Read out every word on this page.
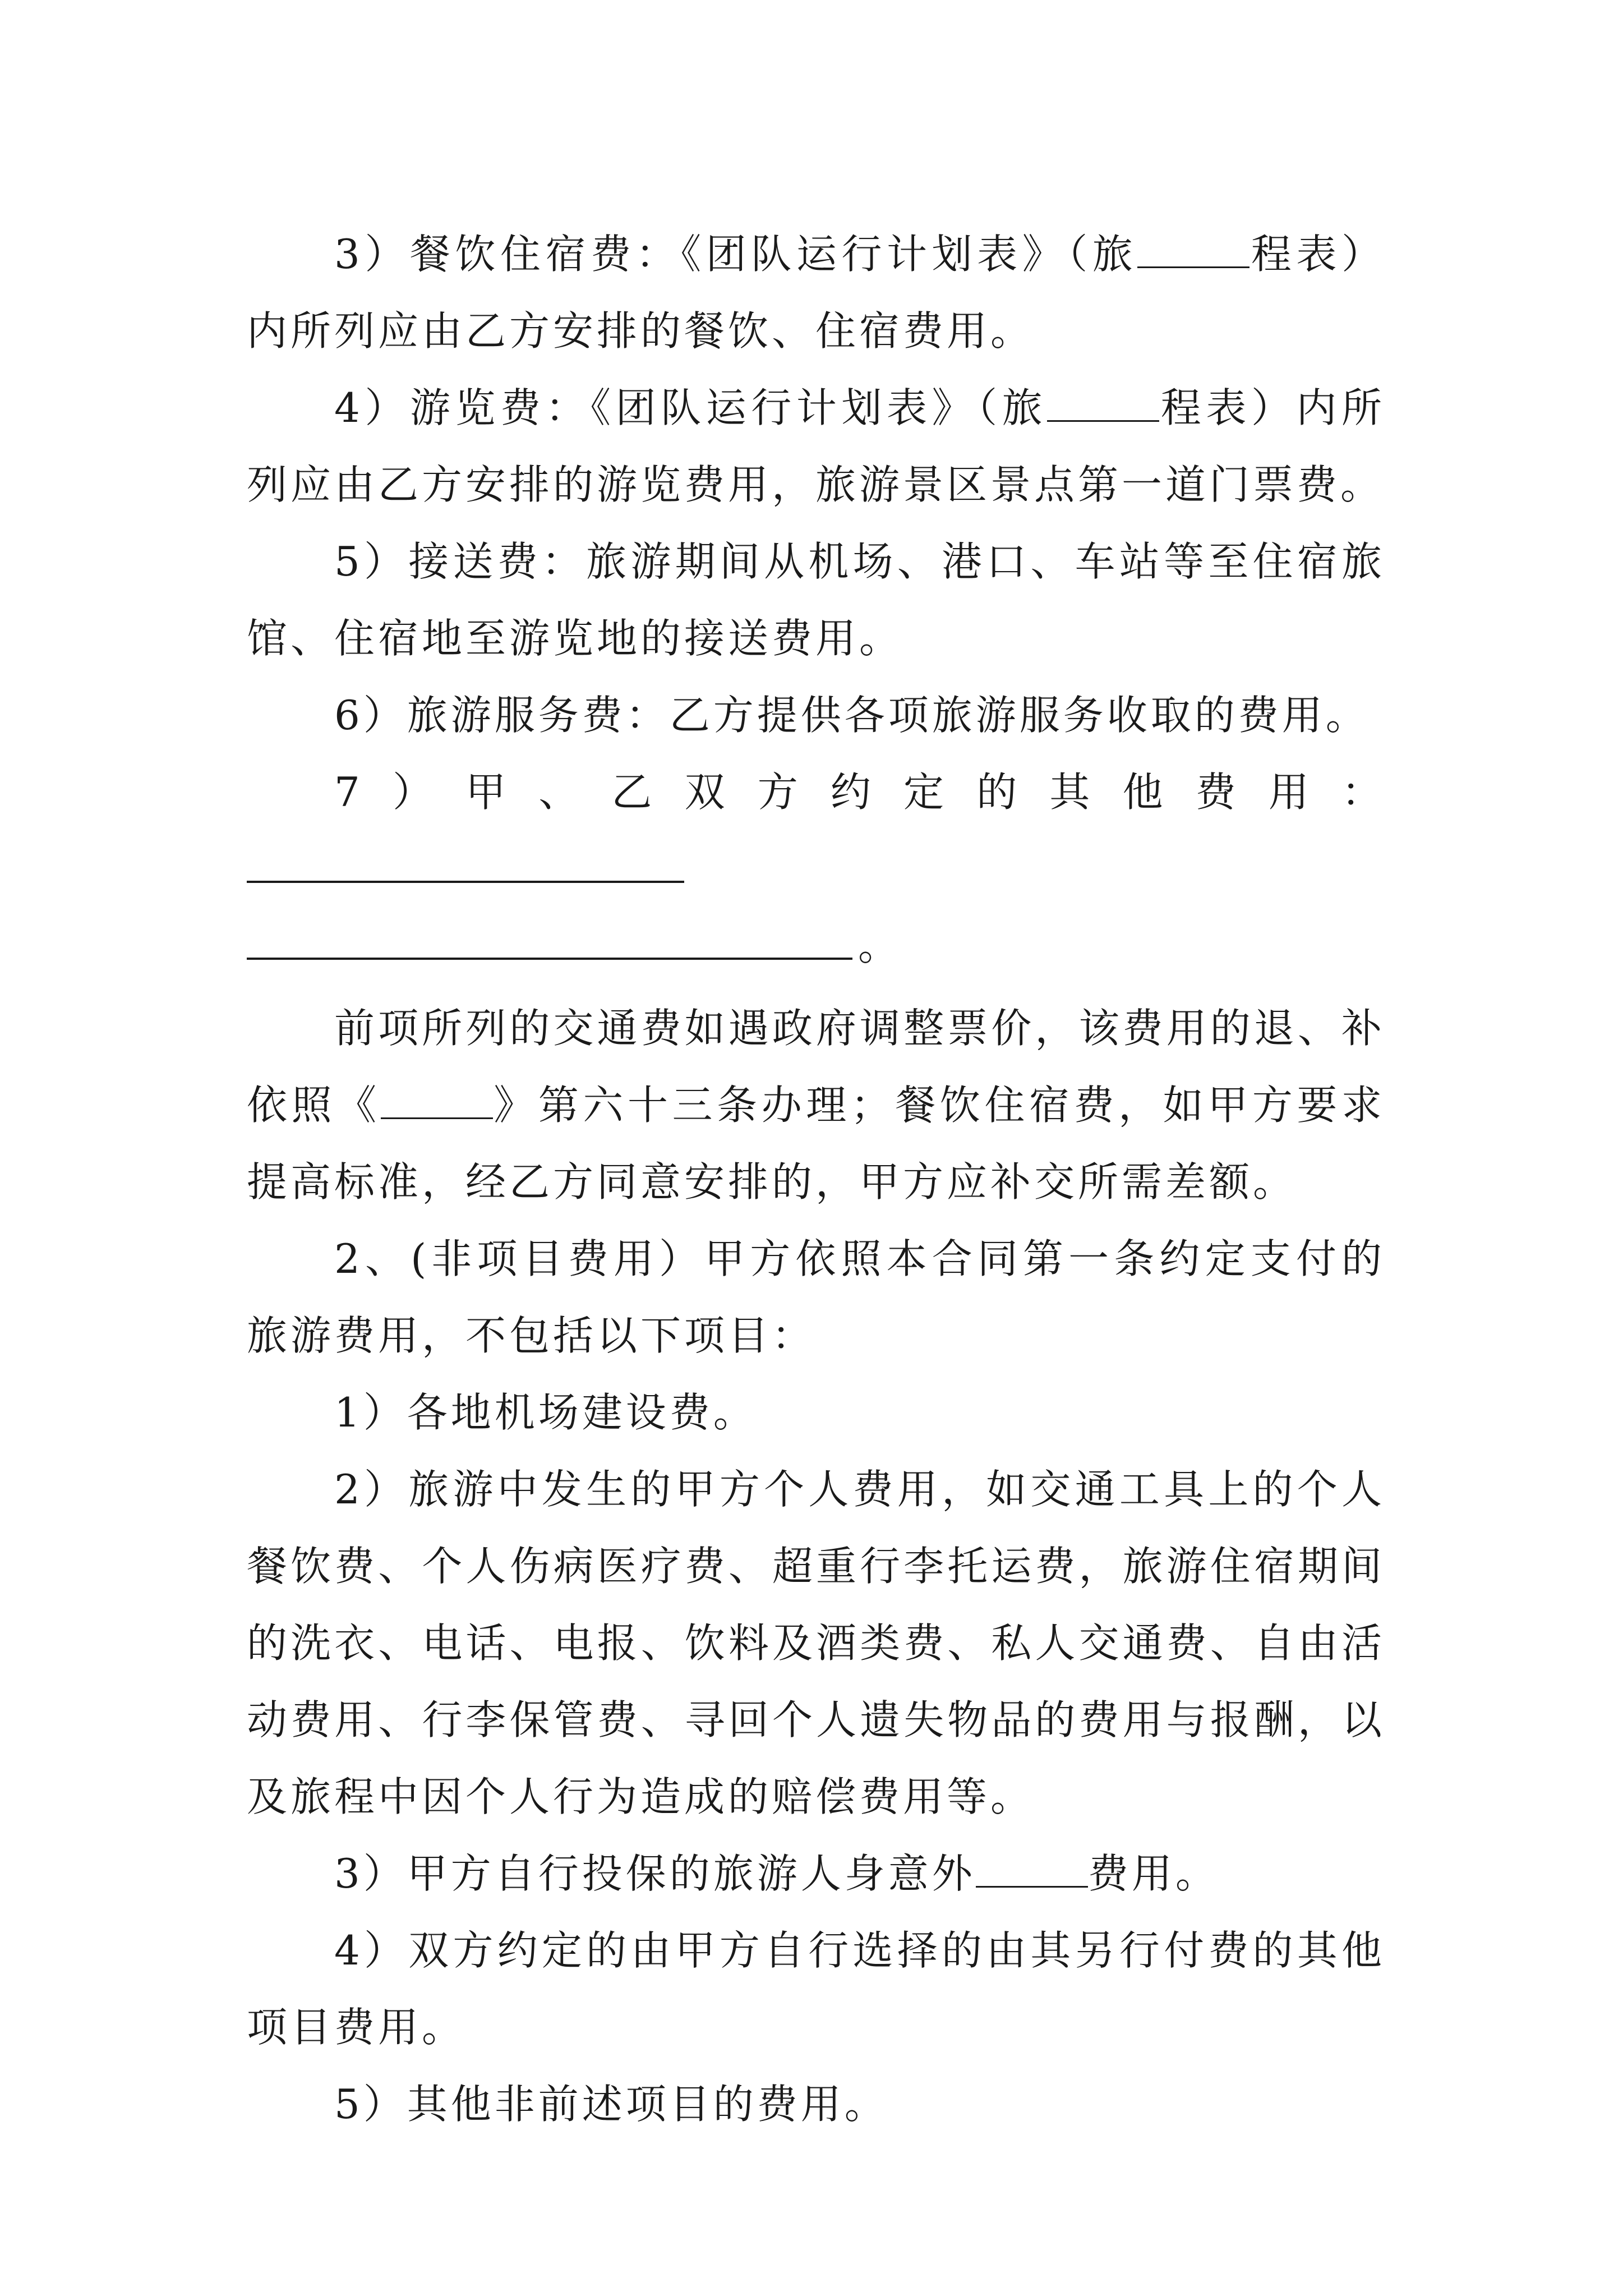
3）餐饮住宿费：《团队运行计划表》（旅	程表）内所列应由乙方安排的餐饮、住宿费用。

4）游览费：《团队运行计划表》（旅	程表）内所列应由乙方安排的游览费用，旅游景区景点第一道门票费。

5）接送费：旅游期间从机场、港口、车站等至住宿旅馆、住宿地至游览地的接送费用。

6）旅游服务费：乙方提供各项旅游服务收取的费用。

7）甲、乙双方约定的其他费用：

。

前项所列的交通费如遇政府调整票价，该费用的退、补依照《	》第六十三条办理；餐饮住宿费，如甲方要求提高标准，经乙方同意安排的，甲方应补交所需差额。

2、(非项目费用）甲方依照本合同第一条约定支付的旅游费用，不包括以下项目：

1）各地机场建设费。

2）旅游中发生的甲方个人费用，如交通工具上的个人餐饮费、个人伤病医疗费、超重行李托运费，旅游住宿期间的洗衣、电话、电报、饮料及酒类费、私人交通费、自由活动费用、行李保管费、寻回个人遗失物品的费用与报酬，以及旅程中因个人行为造成的赔偿费用等。

3）甲方自行投保的旅游人身意外	费用。

4）双方约定的由甲方自行选择的由其另行付费的其他项目费用。

5）其他非前述项目的费用。
